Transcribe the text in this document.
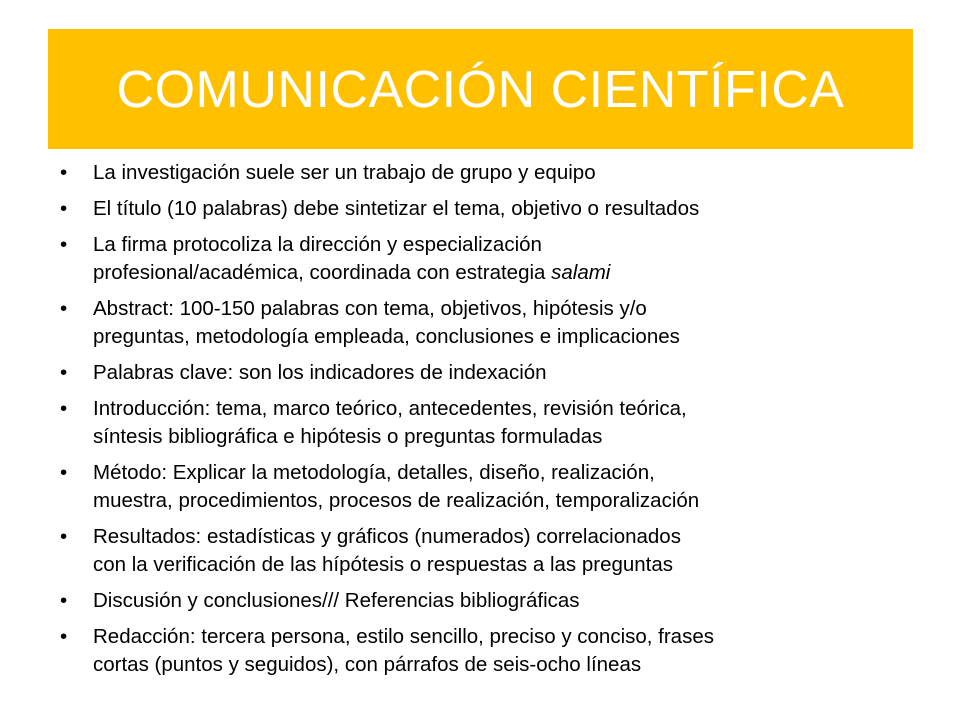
COMUNICACIÓN CIENTÍFICA
•	La investigación suele ser un trabajo de grupo y equipo
•	El título (10 palabras) debe sintetizar el tema, objetivo o resultados
•	La firma protocoliza la dirección y especialización
profesional/académica, coordinada con estrategia salami
•	Abstract: 100-150 palabras con tema, objetivos, hipótesis y/o
preguntas, metodología empleada, conclusiones e implicaciones
•	Palabras clave: son los indicadores de indexación
•	Introducción: tema, marco teórico, antecedentes, revisión teórica,
síntesis bibliográfica e hipótesis o preguntas formuladas
•	Método: Explicar la metodología, detalles, diseño, realización,
muestra, procedimientos, procesos de realización, temporalización
•	Resultados: estadísticas y gráficos (numerados) correlacionados
con la verificación de las hípótesis o respuestas a las preguntas
•	Discusión y conclusiones/// Referencias bibliográficas
•	Redacción: tercera persona, estilo sencillo, preciso y conciso, frases
cortas (puntos y seguidos), con párrafos de seis-ocho líneas
